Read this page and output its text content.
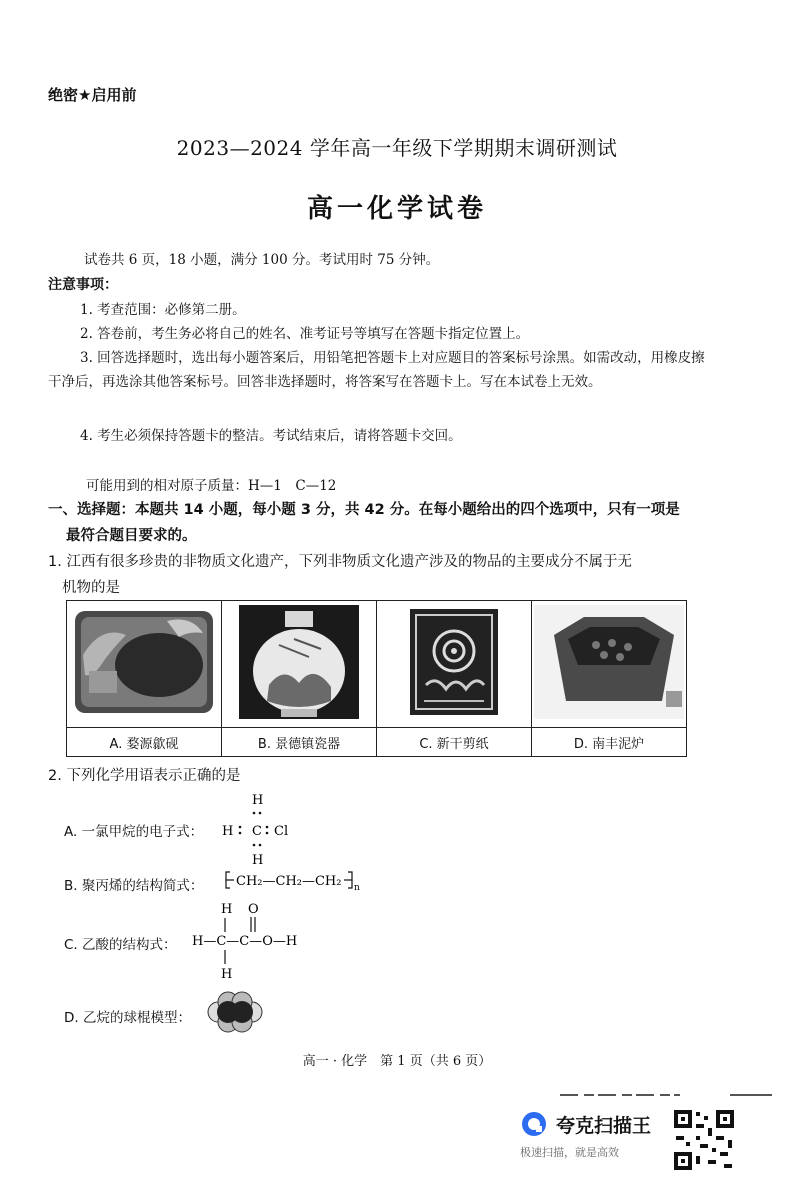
绝密★启用前
2023—2024 学年高一年级下学期期末调研测试
高一化学试卷
试卷共 6 页，18 小题，满分 100 分。考试用时 75 分钟。
注意事项：
1. 考查范围：必修第二册。
2. 答卷前，考生务必将自己的姓名、准考证号等填写在答题卡指定位置上。
3. 回答选择题时，选出每小题答案后，用铅笔把答题卡上对应题目的答案标号涂黑。如需改动，用橡皮擦干净后，再选涂其他答案标号。回答非选择题时，将答案写在答题卡上。写在本试卷上无效。
4. 考生必须保持答题卡的整洁。考试结束后，请将答题卡交回。
可能用到的相对原子质量：H—1　C—12
一、选择题：本题共 14 小题，每小题 3 分，共 42 分。在每小题给出的四个选项中，只有一项是
最符合题目要求的。
1. 江西有很多珍贵的非物质文化遗产，下列非物质文化遗产涉及的物品的主要成分不属于无
机物的是

A. 婺源歙砚	B. 景德镇瓷器	C. 新干剪纸	D. 南丰泥炉
2. 下列化学用语表示正确的是
A. 一氯甲烷的电子式：
H
H C Cl
H
B. 聚丙烯的结构简式：	CH₂—CH₂—CH₂ n
C. 乙酸的结构式：
H O
H—C—C—O—H
H
D. 乙烷的球棍模型：
高一 · 化学　第 1 页（共 6 页）
夸克扫描王
极速扫描，就是高效
